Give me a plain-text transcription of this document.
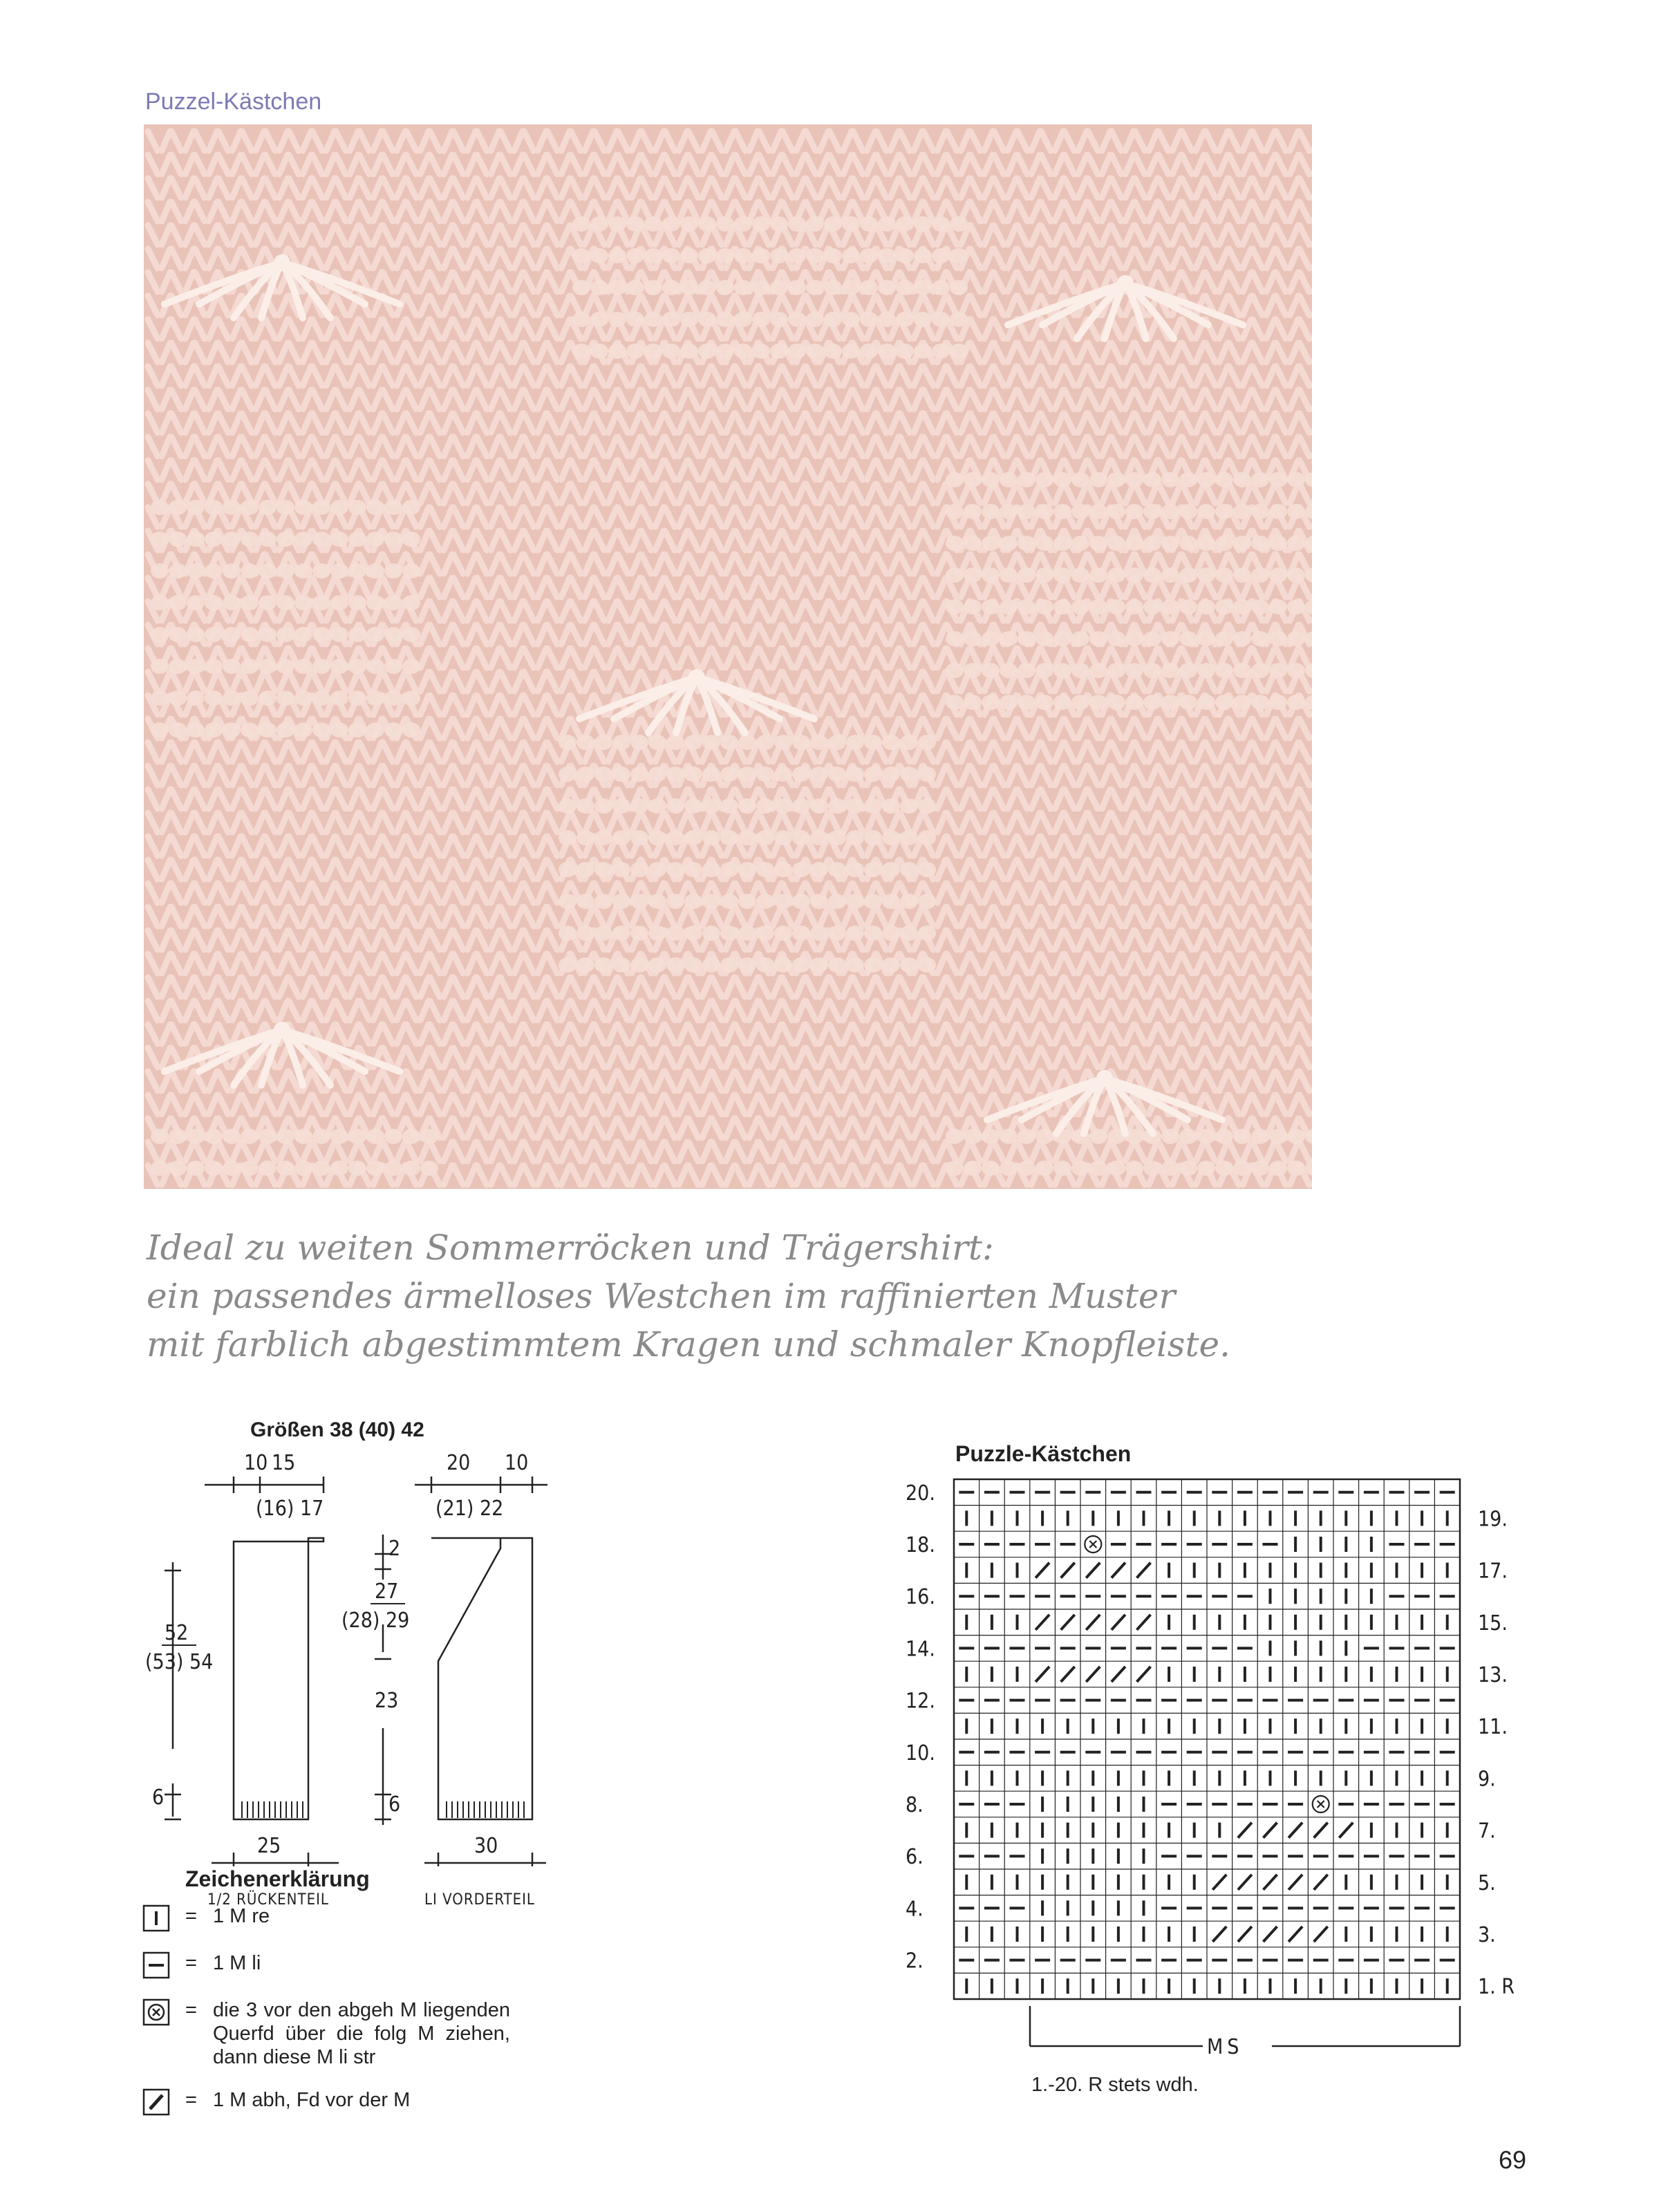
Puzzel-Kästchen
Ideal zu weiten Sommerröcken und Trägershirt:
ein passendes ärmelloses Westchen im raffinierten Muster
mit farblich abgestimmtem Kragen und schmaler Knopfleiste.
Größen 38 (40) 42
10 15
(16) 17
20 10
(21) 22
52
(53) 54
6
2
27
(28) 29
23
6
25	30
1/2 RÜCKENTEIL	LI VORDERTEIL
Zeichenerklärung
= 1 M re
= 1 M li
= die 3 vor den abgeh M liegenden Querfd über die folg M ziehen, dann diese M li str
= 1 M abh, Fd vor der M
Puzzle-Kästchen
20.
18.
16.
14.
12.
10.
8.
6.
4.
2.
19.
17.
15.
13.
11.
9.
7.
5.
3.
1. R
MS
1.-20. R stets wdh.
69
